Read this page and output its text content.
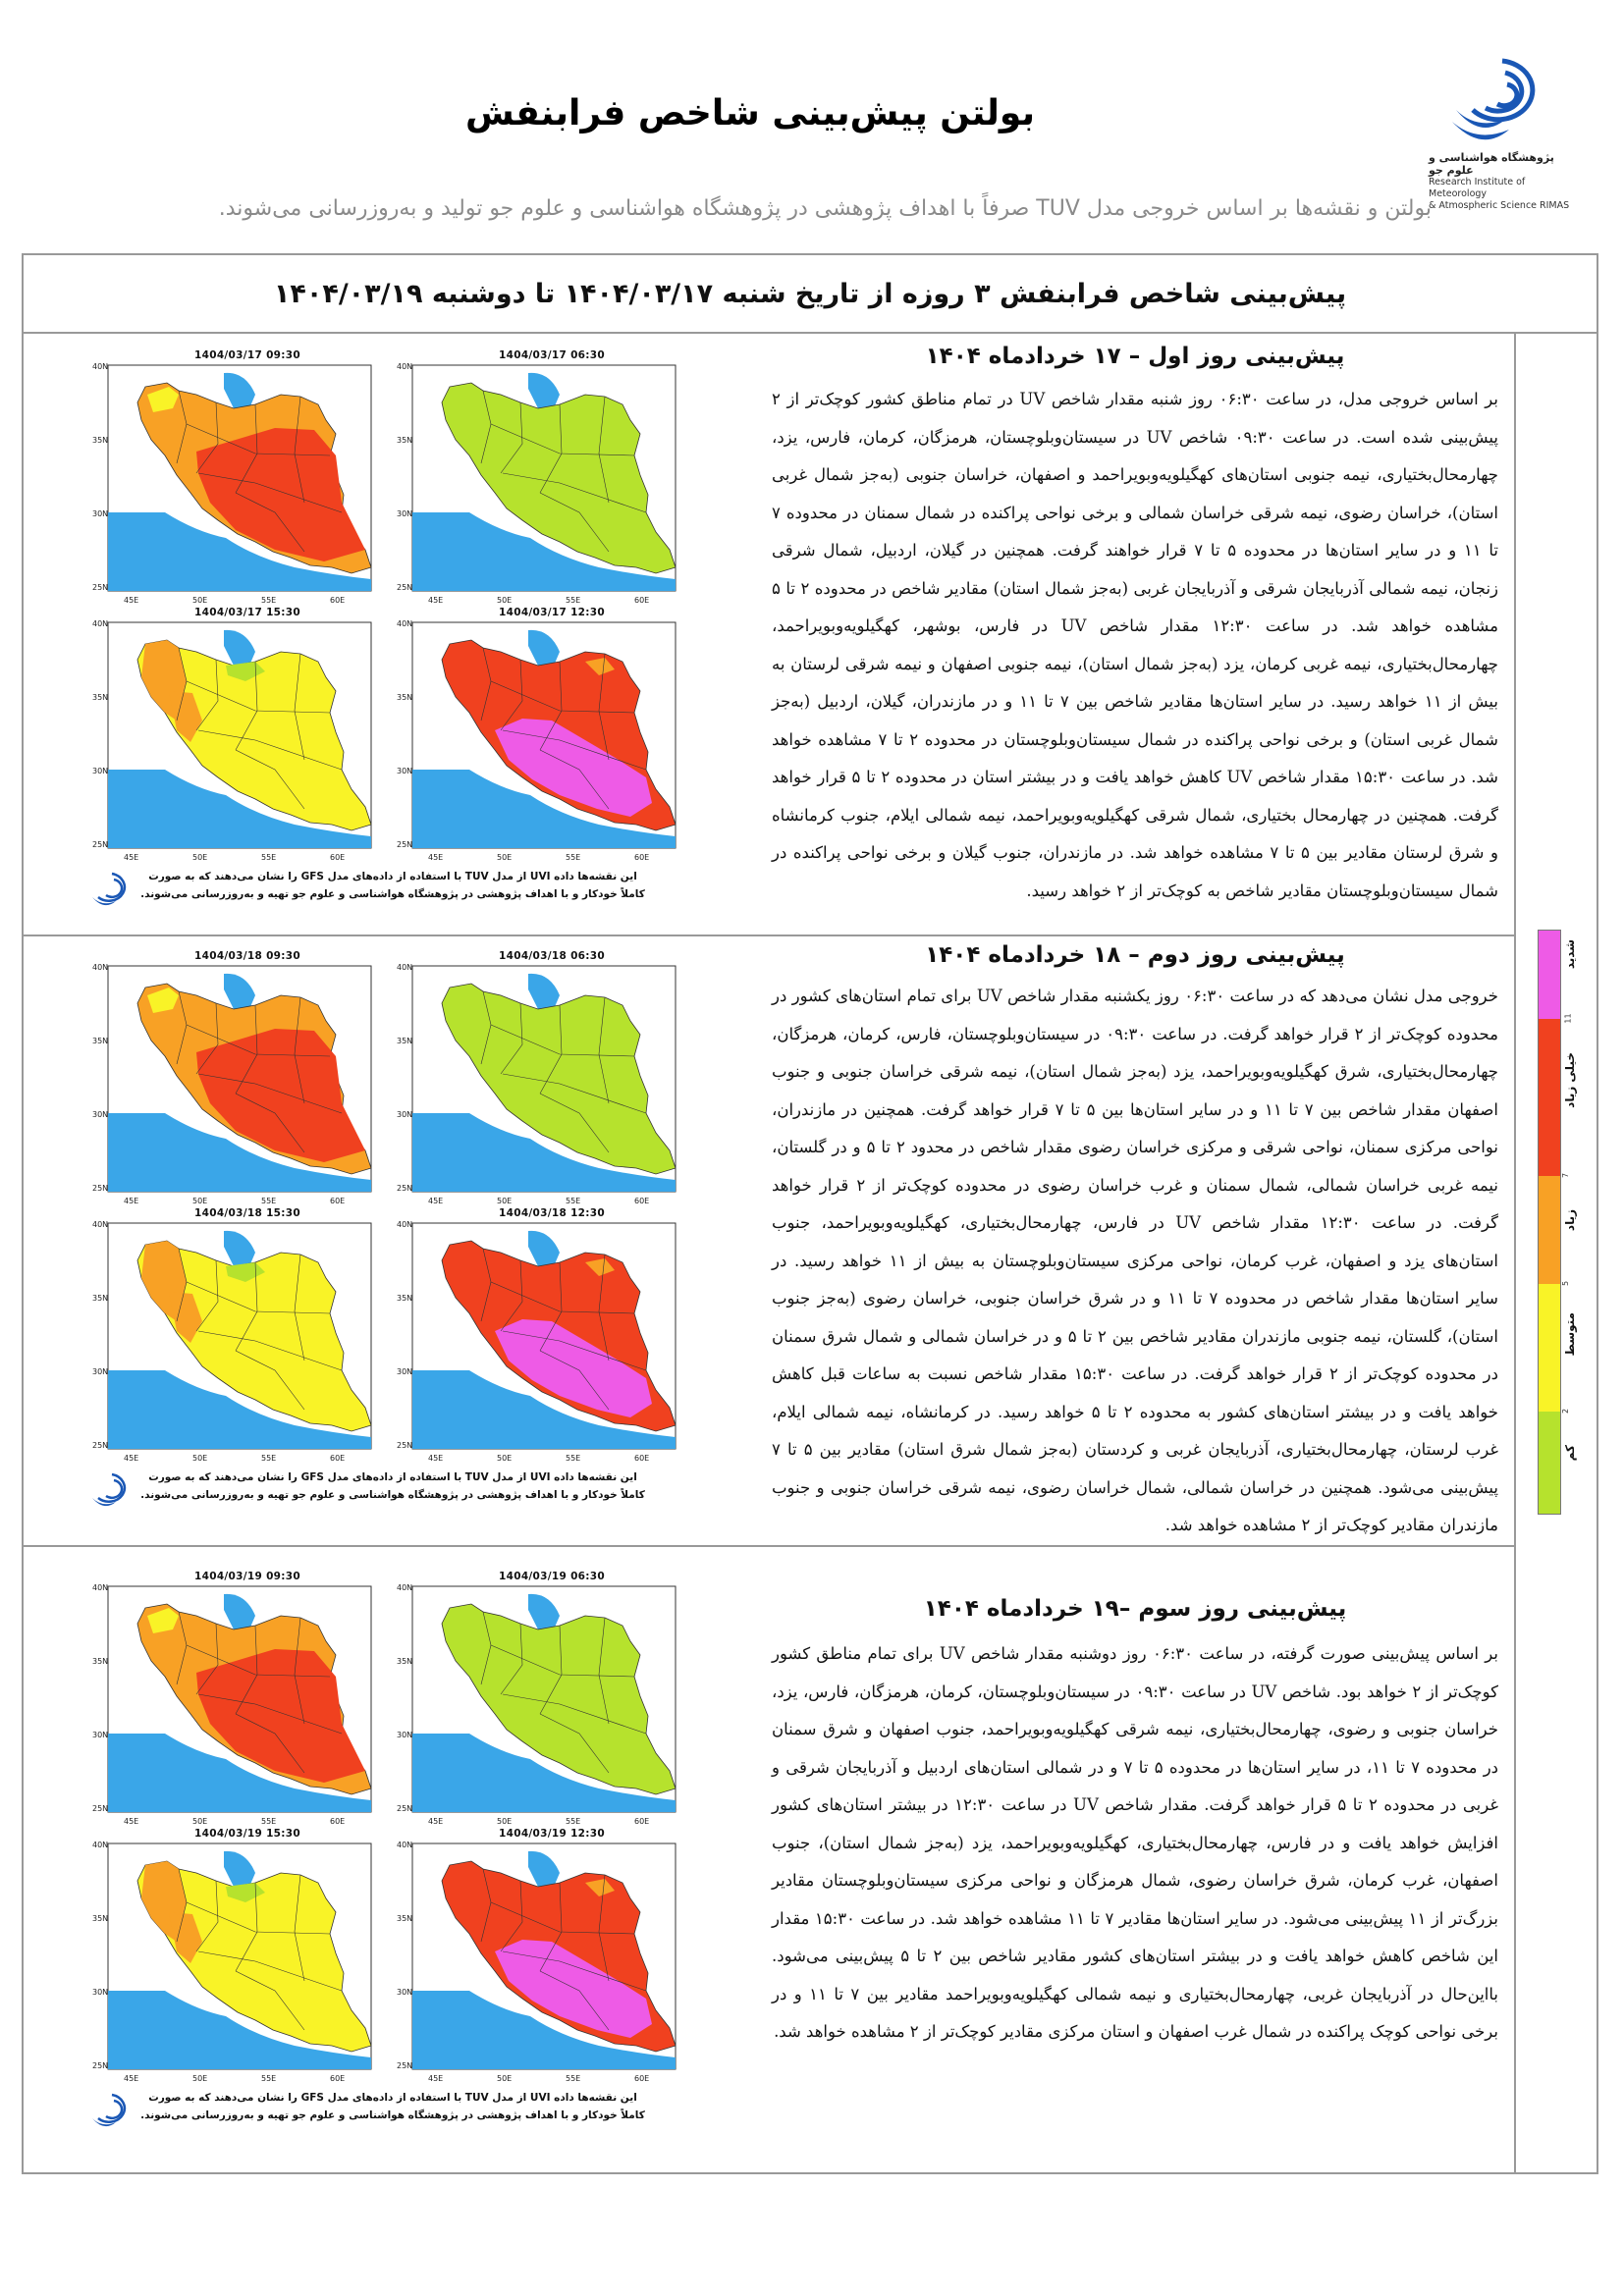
پژوهشگاه هواشناسی و علوم جو
Research Institute of Meteorology
& Atmospheric Science RIMAS
بولتن پیش‌بینی شاخص فرابنفش
بولتن و نقشه‌ها بر اساس خروجی مدل TUV صرفاً با اهداف پژوهشی در پژوهشگاه هواشناسی و علوم جو تولید و به‌روزرسانی می‌شوند.
پیش‌بینی شاخص فرابنفش ۳ روزه از تاریخ شنبه ۱۴۰۴/۰۳/۱۷ تا دوشنبه ۱۴۰۴/۰۳/۱۹
پیش‌بینی روز اول – ۱۷ خردادماه ۱۴۰۴
بر اساس خروجی مدل، در ساعت ۰۶:۳۰ روز شنبه مقدار شاخص UV در تمام مناطق کشور کوچک‌تر از ۲ پیش‌بینی شده است. در ساعت ۰۹:۳۰ شاخص UV در سیستان‌وبلوچستان، هرمزگان، کرمان، فارس، یزد، چهارمحال‌بختیاری، نیمه جنوبی استان‌های کهگیلویه‌وبویراحمد و اصفهان، خراسان جنوبی (به‌جز شمال غربی استان)، خراسان رضوی، نیمه شرقی خراسان شمالی و برخی نواحی پراکنده در شمال سمنان در محدوده ۷ تا ۱۱ و در سایر استان‌ها در محدوده ۵ تا ۷ قرار خواهند گرفت. همچنین در گیلان، اردبیل، شمال شرقی زنجان، نیمه شمالی آذربایجان شرقی و آذربایجان غربی (به‌جز شمال استان) مقادیر شاخص در محدوده ۲ تا ۵ مشاهده خواهد شد. در ساعت ۱۲:۳۰ مقدار شاخص UV در فارس، بوشهر، کهگیلویه‌وبویراحمد، چهارمحال‌بختیاری، نیمه غربی کرمان، یزد (به‌جز شمال استان)، نیمه جنوبی اصفهان و نیمه شرقی لرستان به بیش از ۱۱ خواهد رسید. در سایر استان‌ها مقادیر شاخص بین ۷ تا ۱۱ و در مازندران، گیلان، اردبیل (به‌جز شمال غربی استان) و برخی نواحی پراکنده در شمال سیستان‌وبلوچستان در محدوده ۲ تا ۷ مشاهده خواهد شد. در ساعت ۱۵:۳۰ مقدار شاخص UV کاهش خواهد یافت و در بیشتر استان در محدوده ۲ تا ۵ قرار خواهد گرفت. همچنین در چهارمحال بختیاری، شمال شرقی کهگیلویه‌وبویراحمد، نیمه شمالی ایلام، جنوب کرمانشاه و شرق لرستان مقادیر بین ۵ تا ۷ مشاهده خواهد شد. در مازندران، جنوب گیلان و برخی نواحی پراکنده در شمال سیستان‌وبلوچستان مقادیر شاخص به کوچک‌تر از ۲ خواهد رسید.
40N
35N
30N
25N
45E	50E	55E	60E
1404/03/17 06:30
40N
35N
30N
25N
45E	50E	55E	60E
1404/03/17 09:30
40N
35N
30N
25N
45E	50E	55E	60E
1404/03/17 12:30
40N
35N
30N
25N
45E	50E	55E	60E
1404/03/17 15:30
این نقشه‌ها داده UVI از مدل TUV با استفاده از داده‌های مدل GFS را نشان می‌دهند که به صورت
کاملاً خودکار و با اهداف پژوهشی در پژوهشگاه هواشناسی و علوم جو تهیه و به‌روزرسانی می‌شوند.
پیش‌بینی روز دوم – ۱۸ خردادماه ۱۴۰۴
خروجی مدل نشان می‌دهد که در ساعت ۰۶:۳۰ روز یکشنبه مقدار شاخص UV برای تمام استان‌های کشور در محدوده کوچک‌تر از ۲ قرار خواهد گرفت. در ساعت ۰۹:۳۰ در سیستان‌وبلوچستان، فارس، کرمان، هرمزگان، چهارمحال‌بختیاری، شرق کهگیلویه‌وبویراحمد، یزد (به‌جز شمال استان)، نیمه شرقی خراسان جنوبی و جنوب اصفهان مقدار شاخص بین ۷ تا ۱۱ و در سایر استان‌ها بین ۵ تا ۷ قرار خواهد گرفت. همچنین در مازندران، نواحی مرکزی سمنان، نواحی شرقی و مرکزی خراسان رضوی مقدار شاخص در محدود ۲ تا ۵ و در گلستان، نیمه غربی خراسان شمالی، شمال سمنان و غرب خراسان رضوی در محدوده کوچک‌تر از ۲ قرار خواهد گرفت. در ساعت ۱۲:۳۰ مقدار شاخص UV در فارس، چهارمحال‌بختیاری، کهگیلویه‌وبویراحمد، جنوب استان‌های یزد و اصفهان، غرب کرمان، نواحی مرکزی سیستان‌وبلوچستان به بیش از ۱۱ خواهد رسید. در سایر استان‌ها مقدار شاخص در محدوده ۷ تا ۱۱ و در شرق خراسان جنوبی، خراسان رضوی (به‌جز جنوب استان)، گلستان، نیمه جنوبی مازندران مقادیر شاخص بین ۲ تا ۵ و در خراسان شمالی و شمال شرق سمنان در محدوده کوچک‌تر از ۲ قرار خواهد گرفت. در ساعت ۱۵:۳۰ مقدار شاخص نسبت به ساعات قبل کاهش خواهد یافت و در بیشتر استان‌های کشور به محدوده ۲ تا ۵ خواهد رسید. در کرمانشاه، نیمه شمالی ایلام، غرب لرستان، چهارمحال‌بختیاری، آذربایجان غربی و کردستان (به‌جز شمال شرق استان) مقادیر بین ۵ تا ۷ پیش‌بینی می‌شود. همچنین در خراسان شمالی، شمال خراسان رضوی، نیمه شرقی خراسان جنوبی و جنوب مازندران مقادیر کوچک‌تر از ۲ مشاهده خواهد شد.
40N
35N
30N
25N
45E	50E	55E	60E
1404/03/18 06:30
40N
35N
30N
25N
45E	50E	55E	60E
1404/03/18 09:30
40N
35N
30N
25N
45E	50E	55E	60E
1404/03/18 12:30
40N
35N
30N
25N
45E	50E	55E	60E
1404/03/18 15:30
این نقشه‌ها داده UVI از مدل TUV با استفاده از داده‌های مدل GFS را نشان می‌دهند که به صورت
کاملاً خودکار و با اهداف پژوهشی در پژوهشگاه هواشناسی و علوم جو تهیه و به‌روزرسانی می‌شوند.
پیش‌بینی روز سوم –۱۹ خردادماه ۱۴۰۴
بر اساس پیش‌بینی صورت گرفته، در ساعت ۰۶:۳۰ روز دوشنبه مقدار شاخص UV برای تمام مناطق کشور کوچک‌تر از ۲ خواهد بود. شاخص UV در ساعت ۰۹:۳۰ در سیستان‌وبلوچستان، کرمان، هرمزگان، فارس، یزد، خراسان جنوبی و رضوی، چهارمحال‌بختیاری، نیمه شرقی کهگیلویه‌وبویراحمد، جنوب اصفهان و شرق سمنان در محدوده ۷ تا ۱۱، در سایر استان‌ها در محدوده ۵ تا ۷ و در شمالی استان‌های اردبیل و آذربایجان شرقی و غربی در محدوده ۲ تا ۵ قرار خواهد گرفت. مقدار شاخص UV در ساعت ۱۲:۳۰ در بیشتر استان‌های کشور افزایش خواهد یافت و در فارس، چهارمحال‌بختیاری، کهگیلویه‌وبویراحمد، یزد (به‌جز شمال استان)، جنوب اصفهان، غرب کرمان، شرق خراسان رضوی، شمال هرمزگان و نواحی مرکزی سیستان‌وبلوچستان مقادیر بزرگ‌تر از ۱۱ پیش‌بینی می‌شود. در سایر استان‌ها مقادیر ۷ تا ۱۱ مشاهده خواهد شد. در ساعت ۱۵:۳۰ مقدار این شاخص کاهش خواهد یافت و در بیشتر استان‌های کشور مقادیر شاخص بین ۲ تا ۵ پیش‌بینی می‌شود. بااین‌حال در آذربایجان غربی، چهارمحال‌بختیاری و نیمه شمالی کهگیلویه‌وبویراحمد مقادیر بین ۷ تا ۱۱ و در برخی نواحی کوچک پراکنده در شمال غرب اصفهان و استان مرکزی مقادیر کوچک‌تر از ۲ مشاهده خواهد شد.
40N
35N
30N
25N
45E	50E	55E	60E
1404/03/19 06:30
40N
35N
30N
25N
45E	50E	55E	60E
1404/03/19 09:30
40N
35N
30N
25N
45E	50E	55E	60E
1404/03/19 12:30
40N
35N
30N
25N
45E	50E	55E	60E
1404/03/19 15:30
این نقشه‌ها داده UVI از مدل TUV با استفاده از داده‌های مدل GFS را نشان می‌دهند که به صورت
کاملاً خودکار و با اهداف پژوهشی در پژوهشگاه هواشناسی و علوم جو تهیه و به‌روزرسانی می‌شوند.
شدید
خیلی زیاد
زیاد
متوسط
کم
11
7
5
2
